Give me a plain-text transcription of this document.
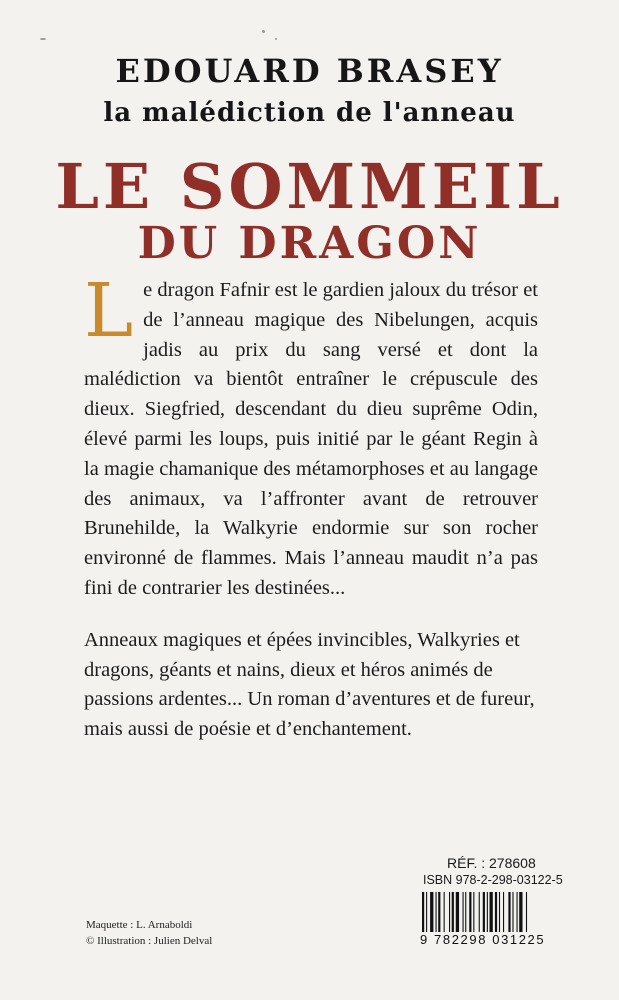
EDOUARD BRASEY
la malédiction de l'anneau
LE SOMMEIL
DU DRAGON

Le dragon Fafnir est le gardien jaloux du trésor et de l’anneau magique des Nibelungen, acquis jadis au prix du sang versé et dont la malédiction va bientôt entraîner le crépuscule des dieux. Siegfried, descendant du dieu suprême Odin, élevé parmi les loups, puis initié par le géant Regin à la magie chamanique des métamorphoses et au langage des animaux, va l’affronter avant de retrouver Brunehilde, la Walkyrie endormie sur son rocher environné de flammes. Mais l’anneau maudit n’a pas fini de contrarier les destinées...

Anneaux magiques et épées invincibles, Walkyries et dragons, géants et nains, dieux et héros animés de passions ardentes... Un roman d’aventures et de fureur, mais aussi de poésie et d’enchantement.

RÉF. : 278608
ISBN 978-2-298-03122-5
9 782298 031225
Maquette : L. Arnaboldi
© Illustration : Julien Delval
